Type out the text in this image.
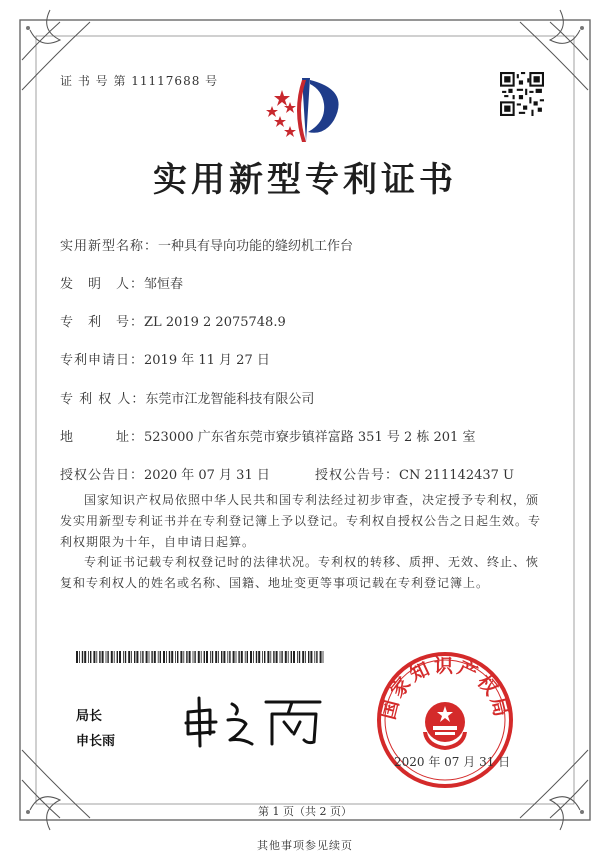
证 书 号 第 11117688 号
实用新型专利证书
实用新型名称：一种具有导向功能的缝纫机工作台
发　明　人：邹恒春
专　利　号：ZL 2019 2 2075748.9
专利申请日：2019 年 11 月 27 日
专 利 权 人：东莞市江龙智能科技有限公司
地　　　址：523000 广东省东莞市寮步镇祥富路 351 号 2 栋 201 室
授权公告日：2020 年 07 月 31 日	授权公告号：CN 211142437 U
国家知识产权局依照中华人民共和国专利法经过初步审查，决定授予专利权，颁发实用新型专利证书并在专利登记簿上予以登记。专利权自授权公告之日起生效。专利权期限为十年，自申请日起算。
专利证书记载专利权登记时的法律状况。专利权的转移、质押、无效、终止、恢复和专利权人的姓名或名称、国籍、地址变更等事项记载在专利登记簿上。
局长
申长雨
国家知识产权局
2020 年 07 月 31 日
第 1 页（共 2 页）
其他事项参见续页
